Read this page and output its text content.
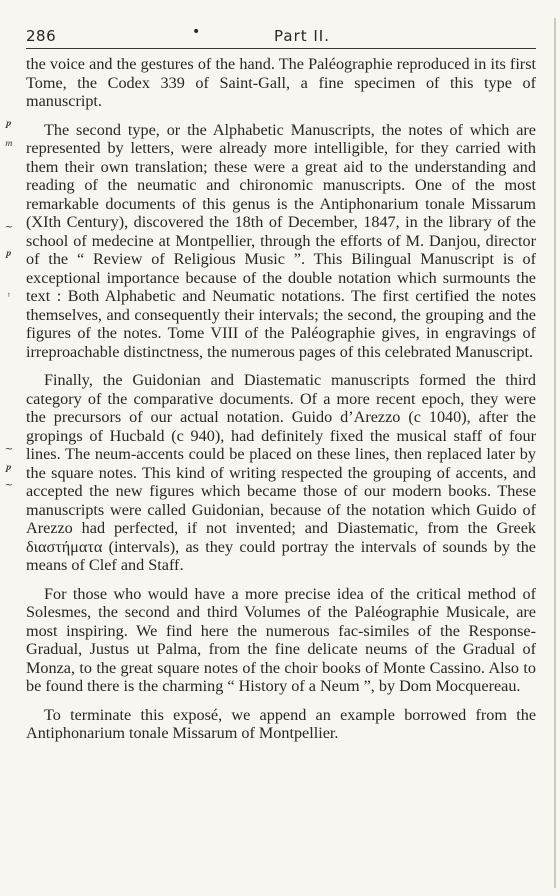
286	•	Part II.
𝆏
𝆐
~
𝆏
ꜛ
~
𝆏
~

the voice and the gestures of the hand. The Paléographie reproduced in its first Tome, the Codex 339 of Saint-Gall, a fine specimen of this type of manuscript.

The second type, or the Alphabetic Manuscripts, the notes of which are represented by letters, were already more intelligible, for they carried with them their own translation; these were a great aid to the understanding and reading of the neumatic and chironomic manuscripts. One of the most remarkable documents of this genus is the Antiphonarium tonale Missarum (XIth Century), discovered the 18th of December, 1847, in the library of the school of medecine at Montpellier, through the efforts of M. Danjou, director of the “ Review of Religious Music ”. This Bilingual Manuscript is of exceptional importance because of the double notation which surmounts the text : Both Alphabetic and Neumatic notations. The first certified the notes themselves, and consequently their intervals; the second, the grouping and the figures of the notes. Tome VIII of the Paléographie gives, in engravings of irreproachable distinctness, the numerous pages of this celebrated Manuscript.

Finally, the Guidonian and Diastematic manuscripts formed the third category of the comparative documents. Of a more recent epoch, they were the precursors of our actual notation. Guido d’Arezzo (c 1040), after the gropings of Hucbald (c 940), had definitely fixed the musical staff of four lines. The neum-accents could be placed on these lines, then replaced later by the square notes. This kind of writing respected the grouping of accents, and accepted the new figures which became those of our modern books. These manuscripts were called Guidonian, because of the notation which Guido of Arezzo had perfected, if not invented; and Diastematic, from the Greek διαστήματα (intervals), as they could portray the intervals of sounds by the means of Clef and Staff.

For those who would have a more precise idea of the critical method of Solesmes, the second and third Volumes of the Paléographie Musicale, are most inspiring. We find here the numerous fac-similes of the Response-Gradual, Justus ut Palma, from the fine delicate neums of the Gradual of Monza, to the great square notes of the choir books of Monte Cassino. Also to be found there is the charming “ History of a Neum ”, by Dom Mocquereau.

To terminate this exposé, we append an example borrowed from the Antiphonarium tonale Missarum of Montpellier.
